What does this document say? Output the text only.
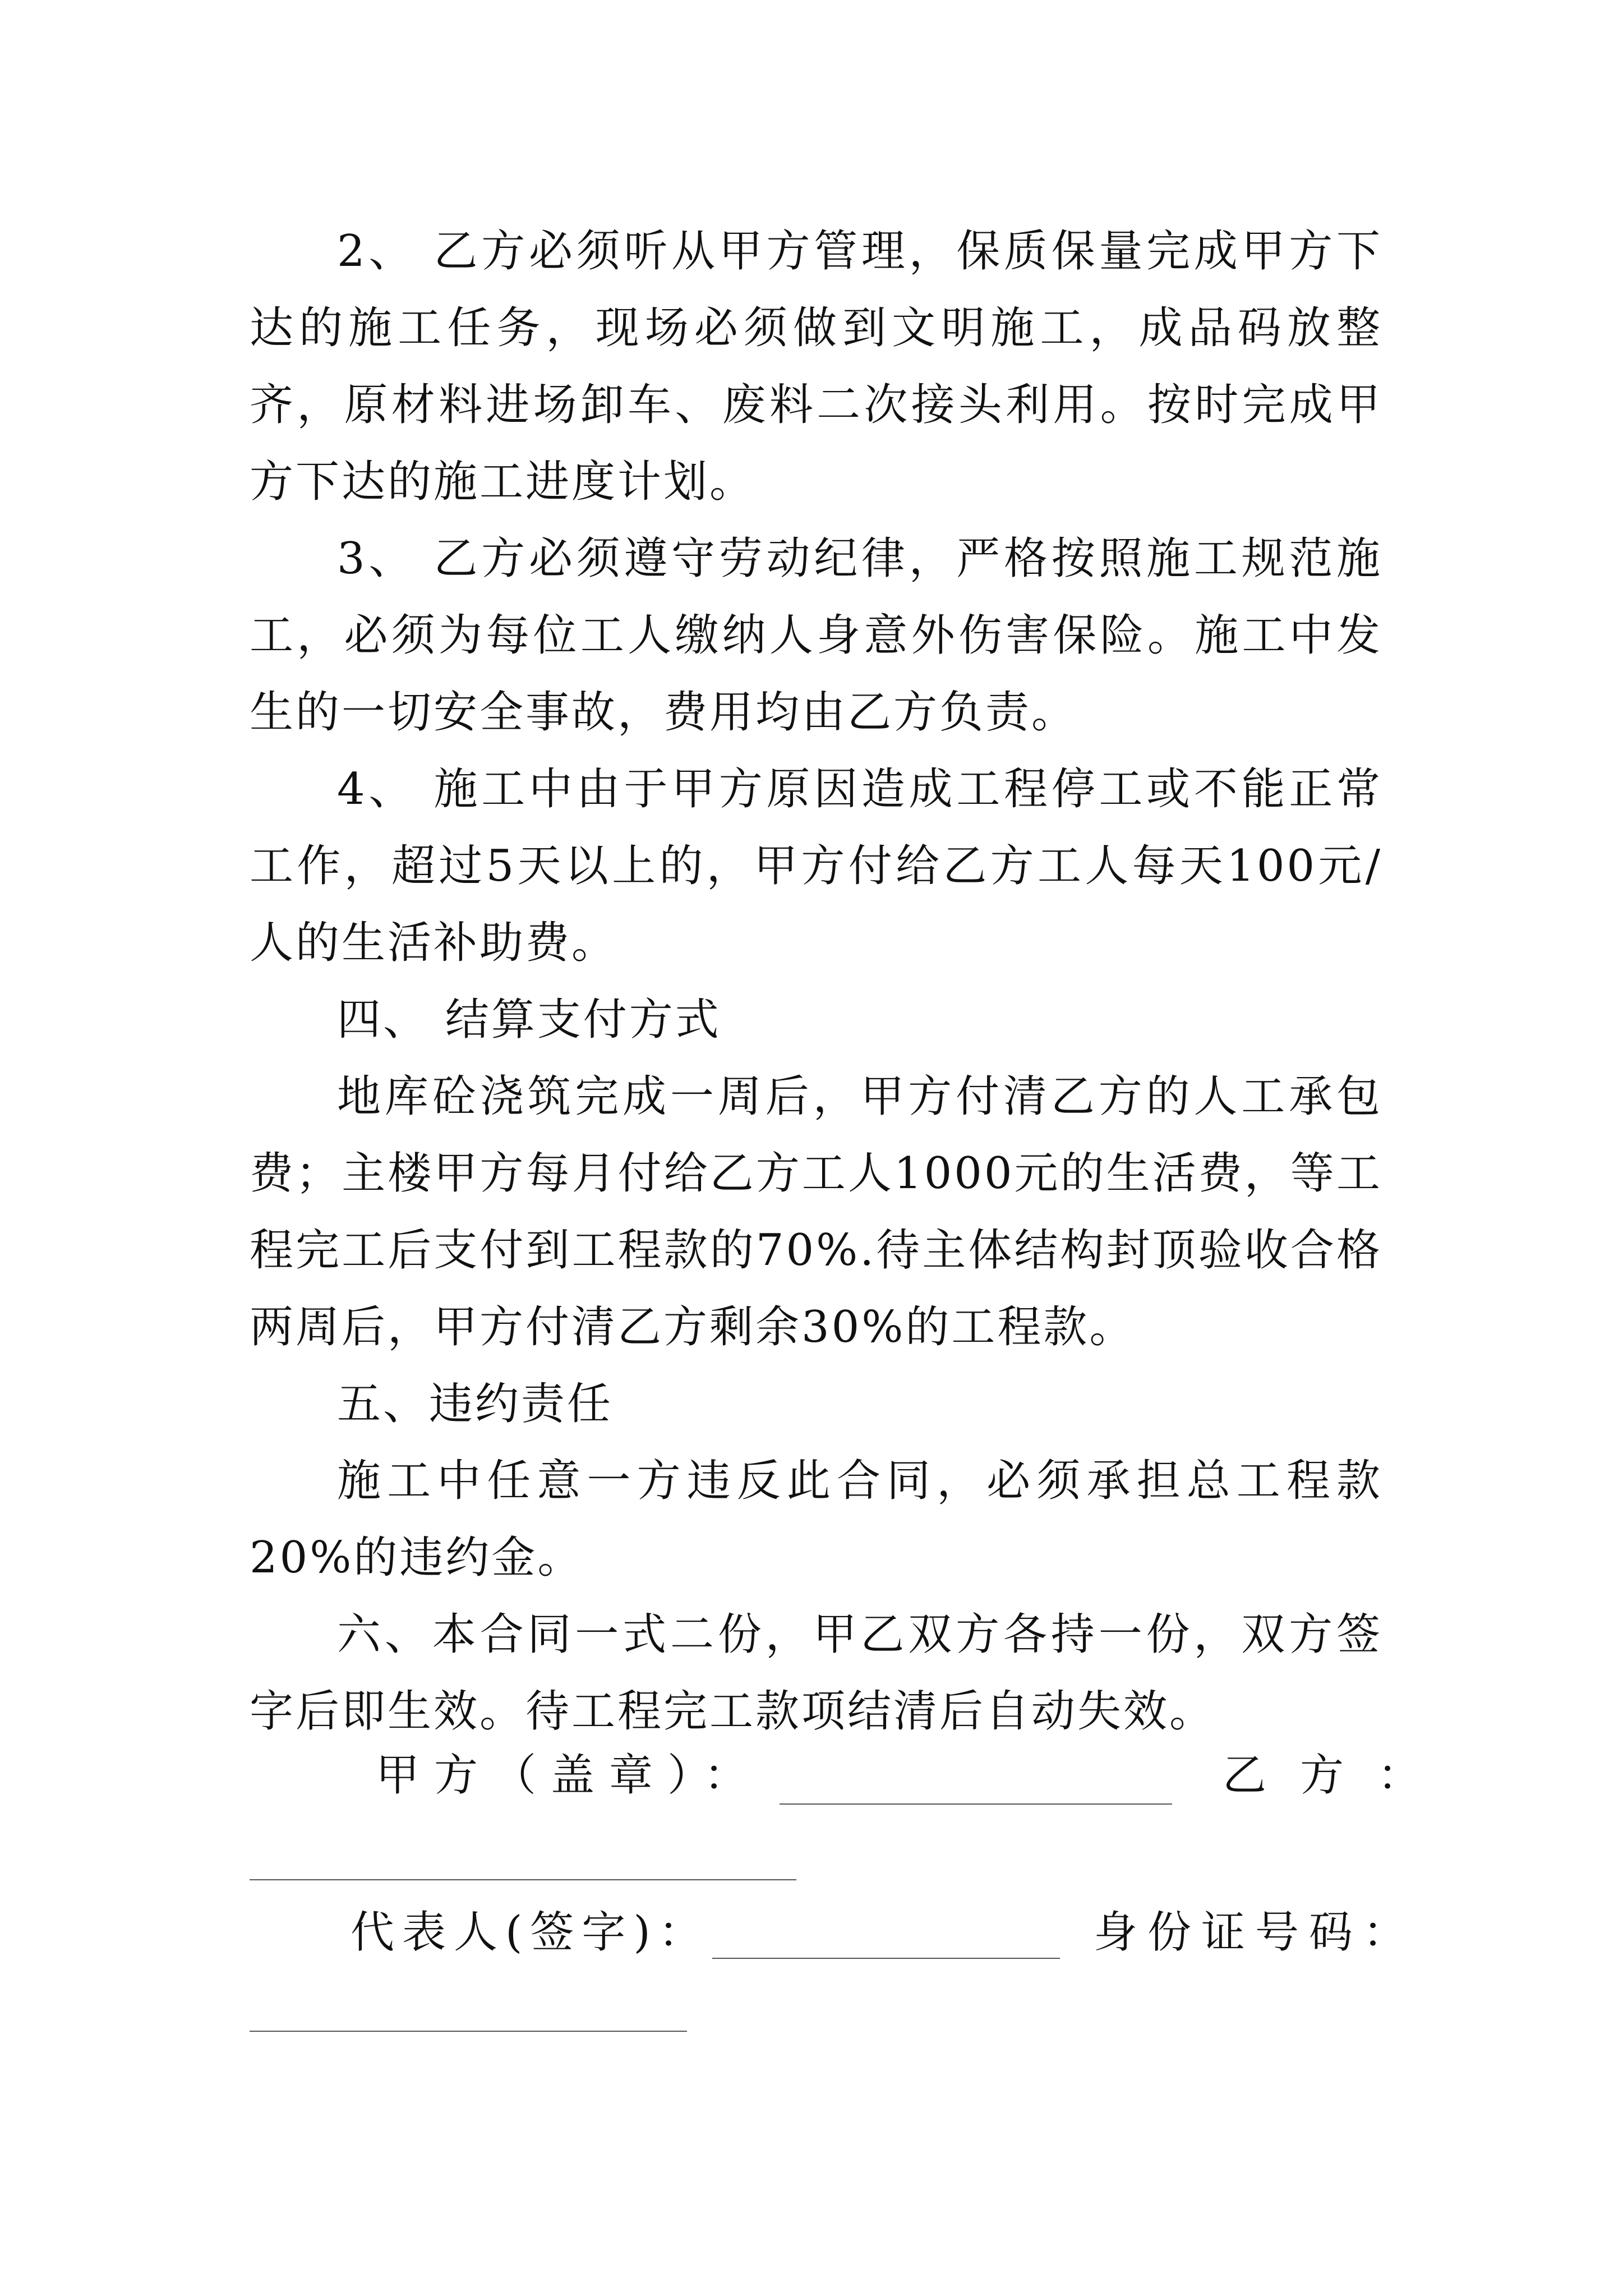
2、 乙方必须听从甲方管理，保质保量完成甲方下达的施工任务，现场必须做到文明施工，成品码放整齐，原材料进场卸车、废料二次接头利用。按时完成甲方下达的施工进度计划。

3、 乙方必须遵守劳动纪律，严格按照施工规范施工，必须为每位工人缴纳人身意外伤害保险。施工中发生的一切安全事故，费用均由乙方负责。

4、 施工中由于甲方原因造成工程停工或不能正常工作，超过5天以上的，甲方付给乙方工人每天100元/人的生活补助费。

四、 结算支付方式

地库砼浇筑完成一周后，甲方付清乙方的人工承包费；主楼甲方每月付给乙方工人1000元的生活费，等工程完工后支付到工程款的70%.待主体结构封顶验收合格两周后，甲方付清乙方剩余30%的工程款。

五、违约责任

施工中任意一方违反此合同，必须承担总工程款20%的违约金。

六、本合同一式二份，甲乙双方各持一份，双方签字后即生效。待工程完工款项结清后自动失效。

甲方（盖章）：	乙方：
代表人(签字)：	身份证号码：
